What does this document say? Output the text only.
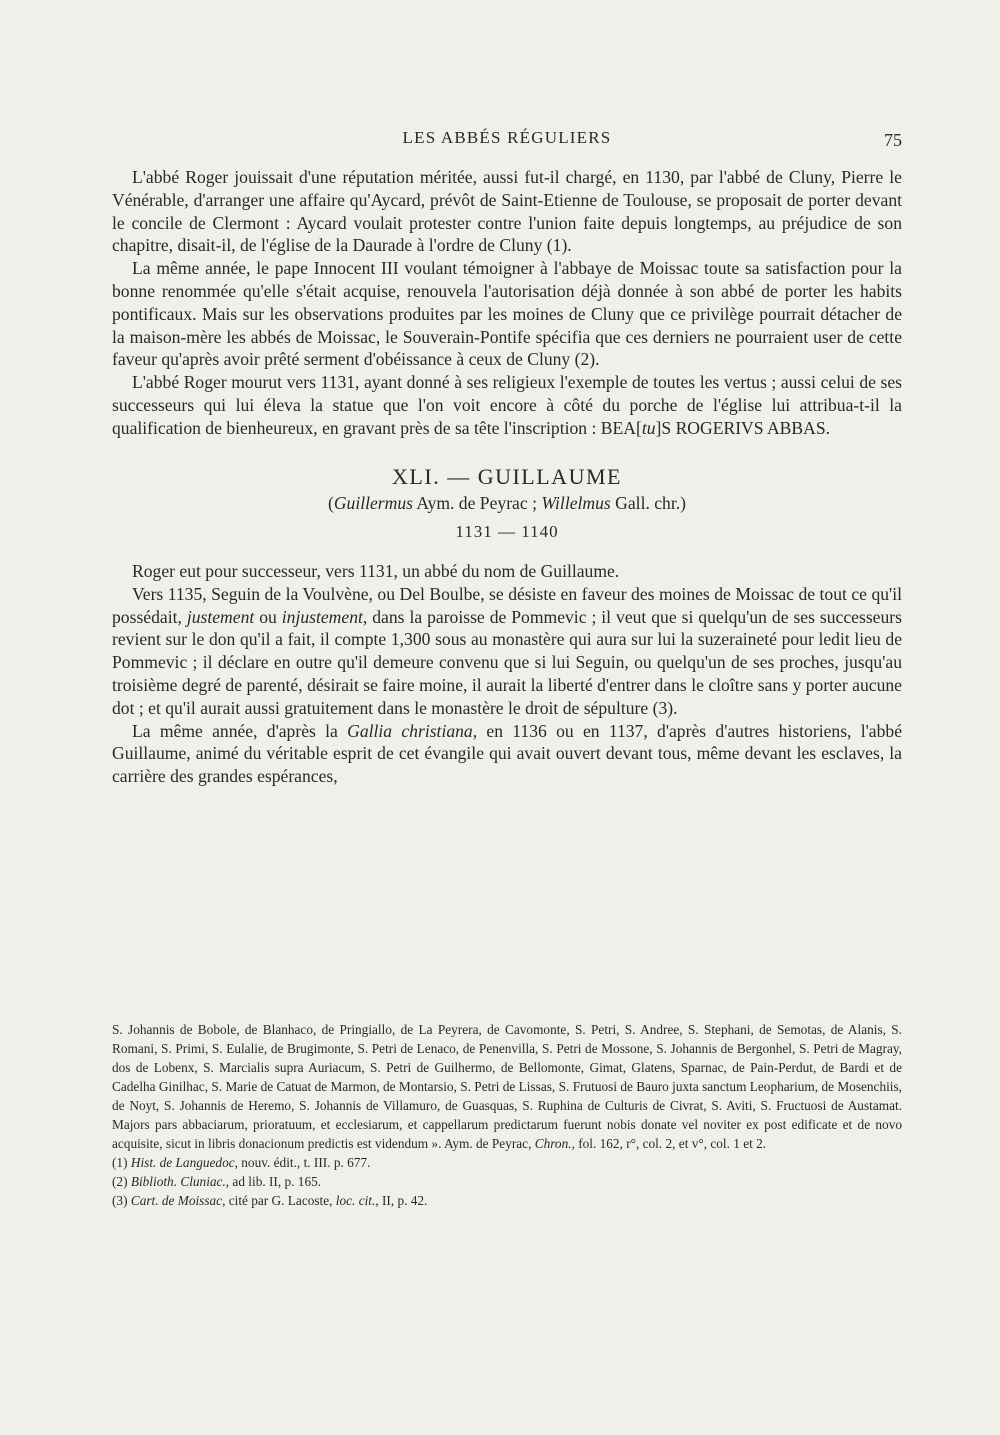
LES ABBÉS RÉGULIERS	75

L'abbé Roger jouissait d'une réputation méritée, aussi fut-il chargé, en 1130, par l'abbé de Cluny, Pierre le Vénérable, d'arranger une affaire qu'Aycard, prévôt de Saint-Etienne de Toulouse, se proposait de porter devant le concile de Clermont : Aycard voulait protester contre l'union faite depuis longtemps, au préjudice de son chapitre, disait-il, de l'église de la Daurade à l'ordre de Cluny (1).

La même année, le pape Innocent III voulant témoigner à l'abbaye de Moissac toute sa satisfaction pour la bonne renommée qu'elle s'était acquise, renouvela l'autorisation déjà donnée à son abbé de porter les habits pontificaux. Mais sur les observations produites par les moines de Cluny que ce privilège pourrait détacher de la maison-mère les abbés de Moissac, le Souverain-Pontife spécifia que ces derniers ne pourraient user de cette faveur qu'après avoir prêté serment d'obéissance à ceux de Cluny (2).

L'abbé Roger mourut vers 1131, ayant donné à ses religieux l'exemple de toutes les vertus ; aussi celui de ses successeurs qui lui éleva la statue que l'on voit encore à côté du porche de l'église lui attribua-t-il la qualification de bienheureux, en gravant près de sa tête l'inscription : BEA[tu]S ROGERIVS ABBAS.

XLI. — GUILLAUME
(Guillermus Aym. de Peyrac ; Willelmus Gall. chr.)
1131 — 1140

Roger eut pour successeur, vers 1131, un abbé du nom de Guillaume.

Vers 1135, Seguin de la Voulvène, ou Del Boulbe, se désiste en faveur des moines de Moissac de tout ce qu'il possédait, justement ou injustement, dans la paroisse de Pommevic ; il veut que si quelqu'un de ses successeurs revient sur le don qu'il a fait, il compte 1,300 sous au monastère qui aura sur lui la suzeraineté pour ledit lieu de Pommevic ; il déclare en outre qu'il demeure convenu que si lui Seguin, ou quelqu'un de ses proches, jusqu'au troisième degré de parenté, désirait se faire moine, il aurait la liberté d'entrer dans le cloître sans y porter aucune dot ; et qu'il aurait aussi gratuitement dans le monastère le droit de sépulture (3).

La même année, d'après la Gallia christiana, en 1136 ou en 1137, d'après d'autres historiens, l'abbé Guillaume, animé du véritable esprit de cet évangile qui avait ouvert devant tous, même devant les esclaves, la carrière des grandes espérances,

S. Johannis de Bobole, de Blanhaco, de Pringiallo, de La Peyrera, de Cavomonte, S. Petri, S. Andree, S. Stephani, de Semotas, de Alanis, S. Romani, S. Primi, S. Eulalie, de Brugimonte, S. Petri de Lenaco, de Penenvilla, S. Petri de Mossone, S. Johannis de Bergonhel, S. Petri de Magray, dos de Lobenx, S. Marcialis supra Auriacum, S. Petri de Guilhermo, de Bellomonte, Gimat, Glatens, Sparnac, de Pain-Perdut, de Bardi et de Cadelha Ginilhac, S. Marie de Catuat de Marmon, de Montarsio, S. Petri de Lissas, S. Frutuosi de Bauro juxta sanctum Leopharium, de Mosenchiis, de Noyt, S. Johannis de Heremo, S. Johannis de Villamuro, de Guasquas, S. Ruphina de Culturis de Civrat, S. Aviti, S. Fructuosi de Austamat. Majors pars abbaciarum, prioratuum, et ecclesiarum, et cappellarum predictarum fuerunt nobis donate vel noviter ex post edificate et de novo acquisite, sicut in libris donacionum predictis est videndum ». Aym. de Peyrac, Chron., fol. 162, r°, col. 2, et v°, col. 1 et 2.

(1) Hist. de Languedoc, nouv. édit., t. III. p. 677.

(2) Biblioth. Cluniac., ad lib. II, p. 165.

(3) Cart. de Moissac, cité par G. Lacoste, loc. cit., II, p. 42.
